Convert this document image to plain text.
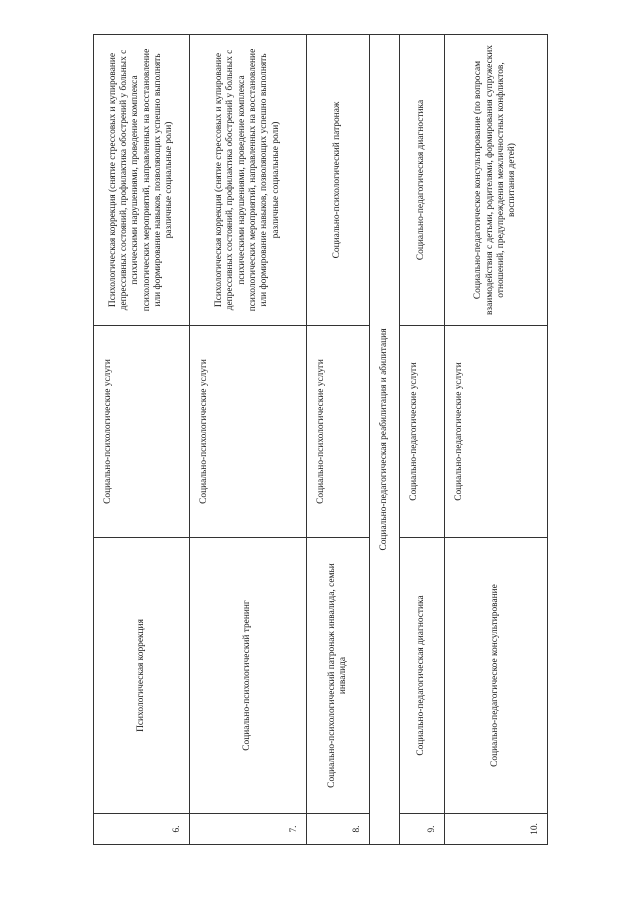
6.	Психологическая коррекция	Социально-психологические услуги	Психологическая коррекция (снятие стрессовых и купирование депрессивных состояний, профилактика обострений у больных с психическими нарушениями, проведение комплекса психологических мероприятий, направленных на восстановление или формирование навыков, позволяющих успешно выполнять различные социальные роли)
7.	Социально-психологический тренинг	Социально-психологические услуги	Психологическая коррекция (снятие стрессовых и купирование депрессивных состояний, профилактика обострений у больных с психическими нарушениями, проведение комплекса психологических мероприятий, направленных на восстановление или формирование навыков, позволяющих успешно выполнять различные социальные роли)
8.	Социально-психологический патронаж инвалида, семьи инвалида	Социально-психологические услуги	Социально-психологический патронаж
Социально-педагогическая реабилитация и абилитация			
9.	Социально-педагогическая диагностика	Социально-педагогические услуги	Социально-педагогическая диагностика
10.	Социально-педагогическое консультирование	Социально-педагогические услуги	Социально-педагогическое консультирование (по вопросам взаимодействия с детьми, родителями, формирования супружеских отношений, предупреждения межличностных конфликтов, воспитания детей)
